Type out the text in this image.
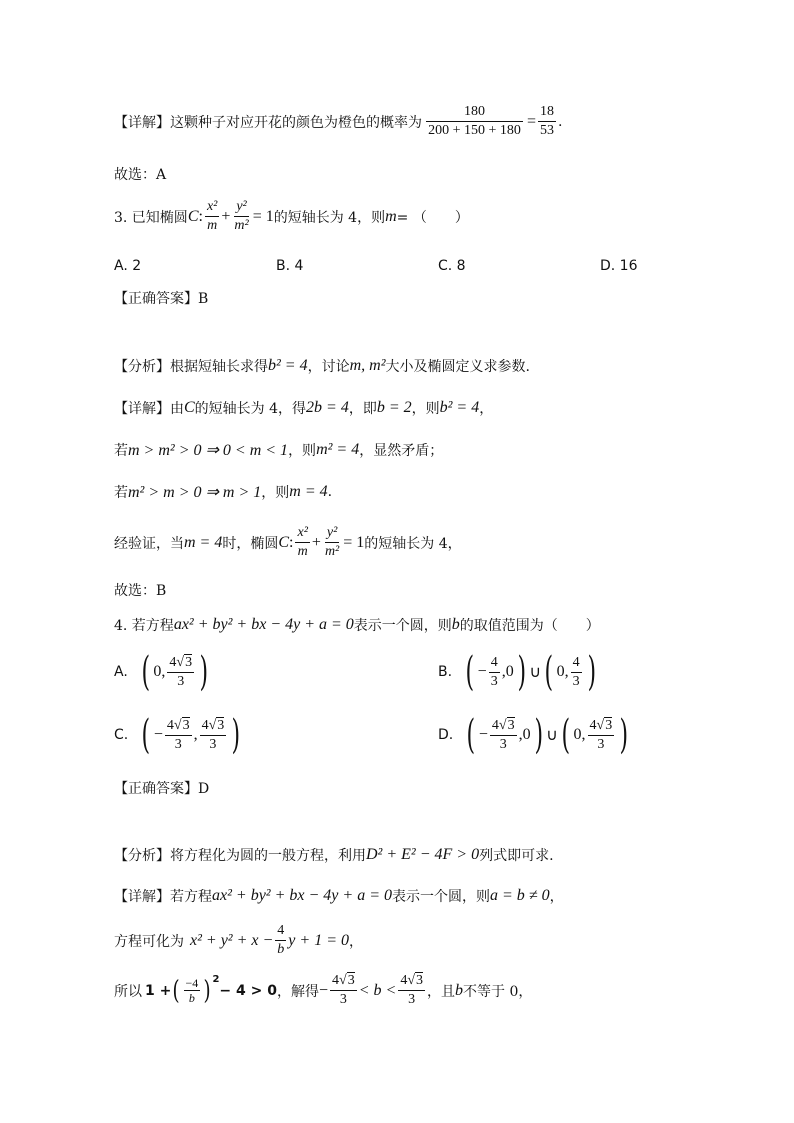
【详解】 这颗种子对应开花的颜色为橙色的概率为 $\frac{180}{200 + 150 + 180} = \frac{18}{53}$ .
故选：A
3. 已知椭圆 C : $\frac{\text{x²}}{m} + \frac{\text{y²}}{\text{m²}} = 1$ 的短轴长为 4，则 m = （　　）
A. 2	B. 4	C. 8	D. 16
【正确答案】B
【分析】 根据短轴长求得 b² = 4 ，讨论 m, m² 大小及椭圆定义求参数.
【详解】 由 C 的短轴长为 4，得 2b = 4 ，即 b = 2 ，则 b² = 4 ，
若 m > m² > 0 ⇒ 0 < m < 1 ，则 m² = 4 ，显然矛盾；
若 m² > m > 0 ⇒ m > 1 ，则 m = 4 .
经验证，当 m = 4 时，椭圆 C : $\frac{\text{x²}}{m} + \frac{\text{y²}}{\text{m²}} = 1$ 的短轴长为 4，
故选：B
4. 若方程 ax² + by² + bx − 4y + a = 0 表示一个圆，则 b 的取值范围为（　　）
A. ( 0 , $\frac{4√3}{3}$ )	B. ( − $\frac{4}{3}$ , 0 ) ∪ ( 0 , $\frac{4}{3}$ )
C. ( − $\frac{4√3}{3}$ , $\frac{4√3}{3}$ )	D. ( − $\frac{4√3}{3}$ , 0 ) ∪ ( 0 , $\frac{4√3}{3}$ )
【正确答案】D
【分析】 将方程化为圆的一般方程，利用 D² + E² − 4F > 0 列式即可求.
【详解】 若方程 ax² + by² + bx − 4y + a = 0 表示一个圆，则 a = b ≠ 0 ，
方程可化为 $x^2 + y^2 + x - \frac{4}{b}$ y + 1 = 0 ，
所以 1 + ( $\frac{-4}{b} )^2$
− 4 > 0 ，解得 − $\frac{4√3}{3} < b < \frac{4√3}{3}$ ，且 b 不等于 0，
